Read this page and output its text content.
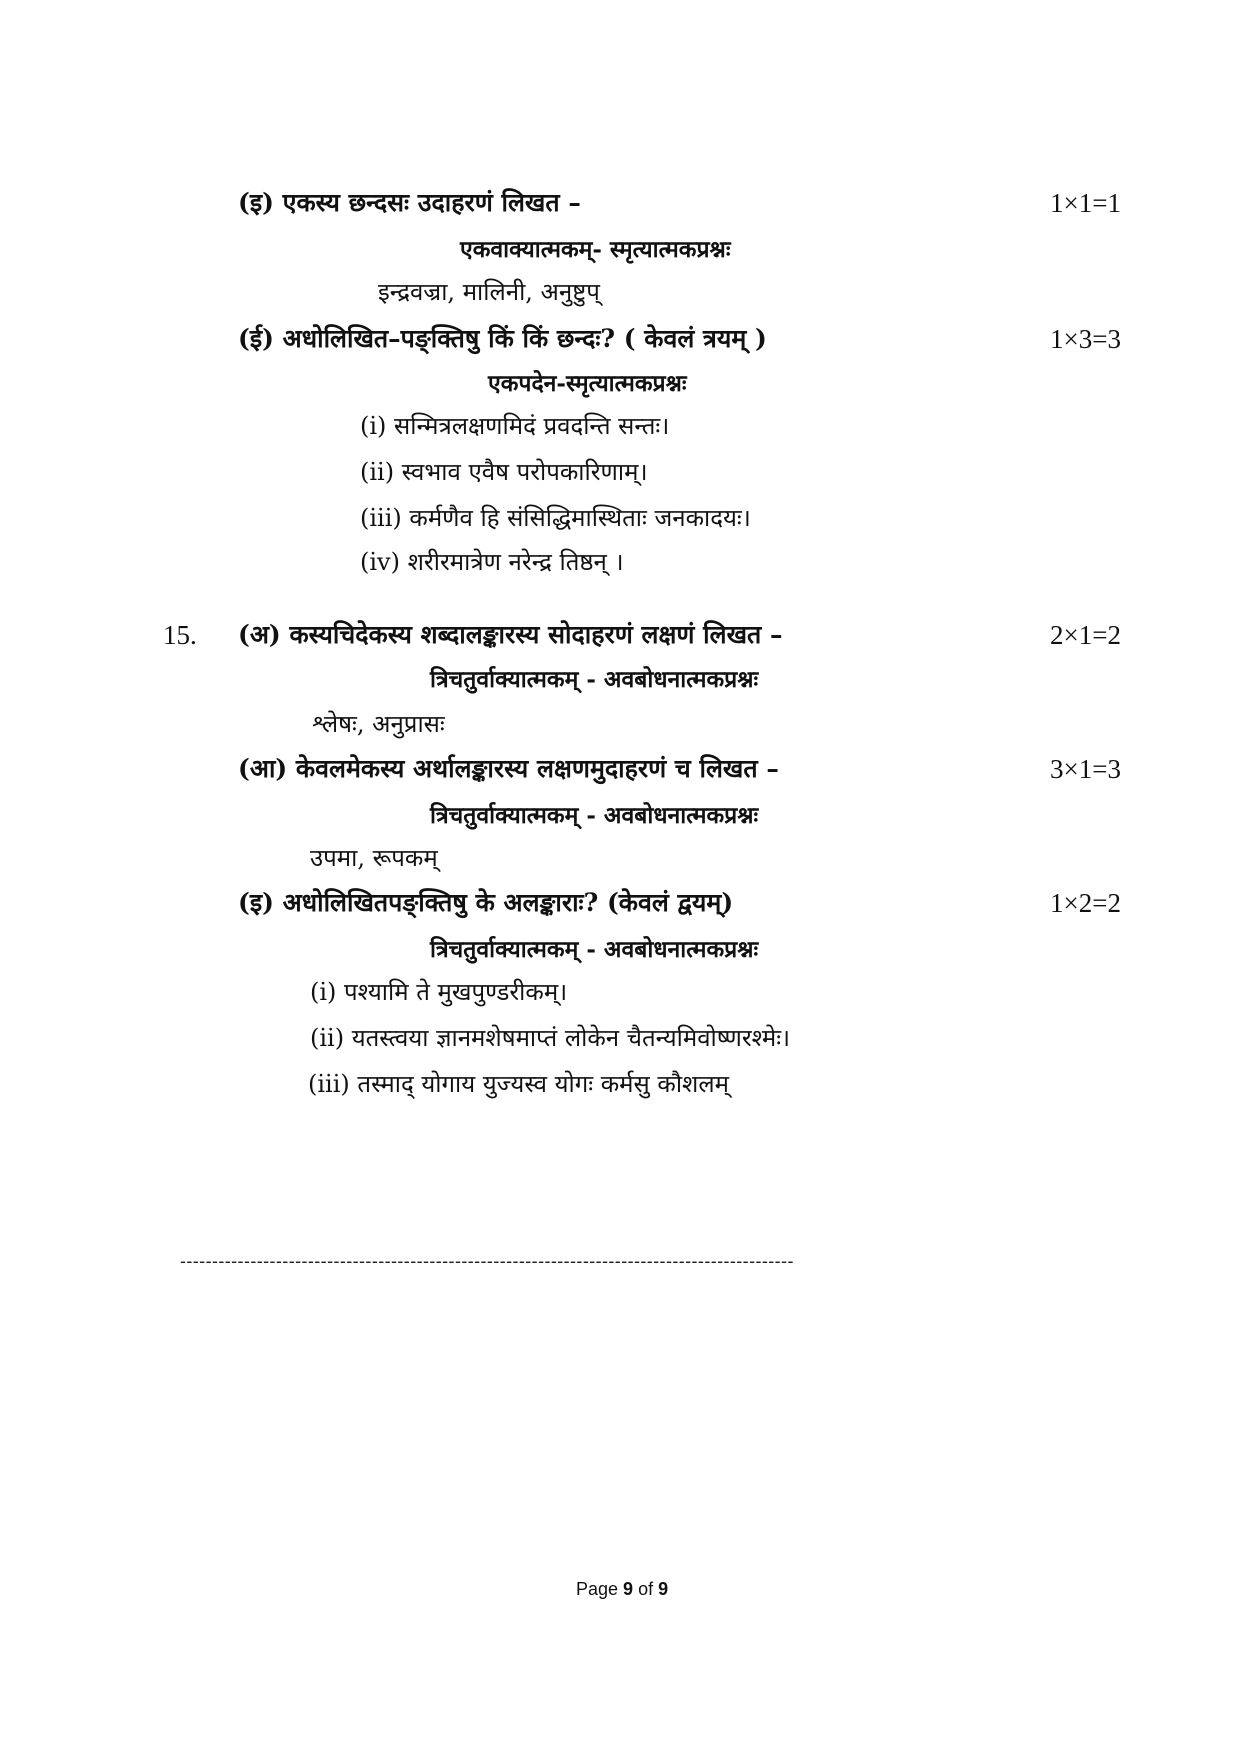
(इ) एकस्य छन्दसः उदाहरणं लिखत –	1×1=1
एकवाक्यात्मकम्- स्मृत्यात्मकप्रश्नः
इन्द्रवज्रा, मालिनी, अनुष्टुप्
(ई) अधोलिखित–पङ्क्तिषु किं किं छन्दः? ( केवलं त्रयम् )	1×3=3
एकपदेन-स्मृत्यात्मकप्रश्नः
(i) सन्मित्रलक्षणमिदं प्रवदन्ति सन्तः।
(ii) स्वभाव एवैष परोपकारिणाम्।
(iii) कर्मणैव हि संसिद्धिमास्थिताः जनकादयः।
(iv) शरीरमात्रेण नरेन्द्र तिष्ठन् ।
15. (अ) कस्यचिदेकस्य शब्दालङ्कारस्य सोदाहरणं लक्षणं लिखत –	2×1=2
त्रिचतुर्वाक्यात्मकम् - अवबोधनात्मकप्रश्नः
श्लेषः, अनुप्रासः
(आ) केवलमेकस्य अर्थालङ्कारस्य लक्षणमुदाहरणं च लिखत –	3×1=3
त्रिचतुर्वाक्यात्मकम् - अवबोधनात्मकप्रश्नः
उपमा, रूपकम्
(इ) अधोलिखितपङ्क्तिषु के अलङ्काराः? (केवलं द्वयम्)	1×2=2
त्रिचतुर्वाक्यात्मकम् - अवबोधनात्मकप्रश्नः
(i) पश्यामि ते मुखपुण्डरीकम्।
(ii) यतस्त्वया ज्ञानमशेषमाप्तं लोकेन चैतन्यमिवोष्णरश्मेः।
(iii) तस्माद् योगाय युज्यस्व योगः कर्मसु कौशलम्
------------------------------------------------------------------------------------------------
Page 9 of 9
